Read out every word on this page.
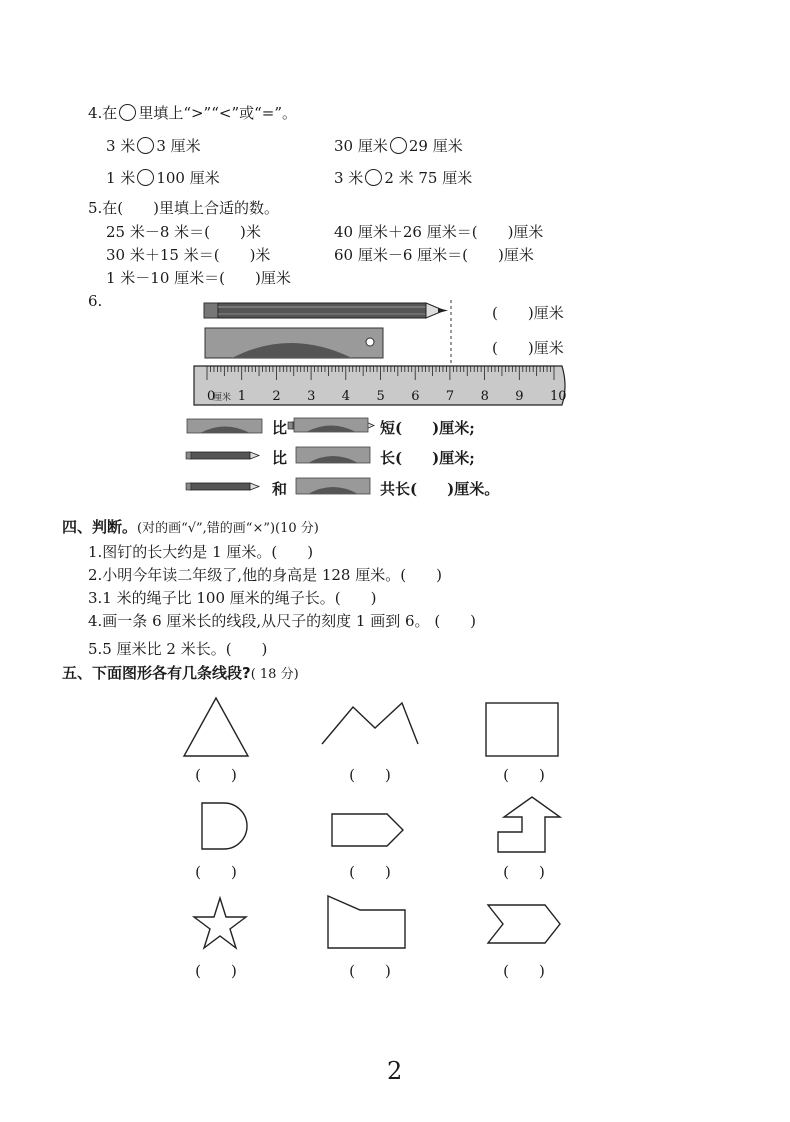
4.在 里填上“>”“<”或“=”。
3 米 3 厘米	30 厘米 29 厘米
1 米 100 厘米	3 米 2 米 75 厘米
5.在(　　)里填上合适的数。
25 米－8 米＝(　　)米	40 厘米＋26 厘米＝(　　)厘米
30 米＋15 米＝(　　)米	60 厘米－6 厘米＝(　　)厘米
1 米－10 厘米＝(　　)厘米
6.
0 1 2 3 4 5 6 7 8 9 10
厘米
(　　)厘米
(　　)厘米
比	短(　　)厘米;
比	长(　　)厘米;
和	共长(　　)厘米。
四、判断。(对的画“√”,错的画“×”)(10 分)
1.图钉的长大约是 1 厘米。(　　)
2.小明今年读二年级了,他的身高是 128 厘米。(　　)
3.1 米的绳子比 100 厘米的绳子长。(　　)
4.画一条 6 厘米长的线段,从尺子的刻度 1 画到 6。 (　　)
5.5 厘米比 2 米长。(　　)
五、下面图形各有几条线段?( 18 分)
(　　)	(　　)	(　　)
(　　)	(　　)	(　　)
(　　)	(　　)	(　　)
2
